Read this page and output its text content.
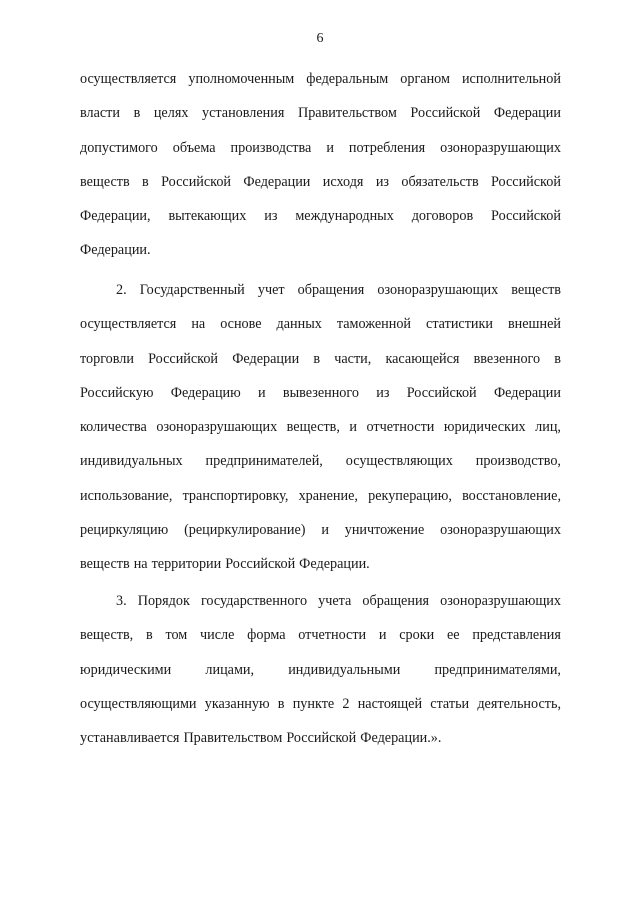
6
осуществляется уполномоченным федеральным органом исполнительной
власти в целях установления Правительством Российской Федерации
допустимого объема производства и потребления озоноразрушающих
веществ в Российской Федерации исходя из обязательств Российской
Федерации, вытекающих из международных договоров Российской
Федерации.
2. Государственный учет обращения озоноразрушающих веществ
осуществляется на основе данных таможенной статистики внешней
торговли Российской Федерации в части, касающейся ввезенного в
Российскую Федерацию и вывезенного из Российской Федерации
количества озоноразрушающих веществ, и отчетности юридических лиц,
индивидуальных предпринимателей, осуществляющих производство,
использование, транспортировку, хранение, рекуперацию, восстановление,
рециркуляцию (рециркулирование) и уничтожение озоноразрушающих
веществ на территории Российской Федерации.
3. Порядок государственного учета обращения озоноразрушающих
веществ, в том числе форма отчетности и сроки ее представления
юридическими лицами, индивидуальными предпринимателями,
осуществляющими указанную в пункте 2 настоящей статьи деятельность,
устанавливается Правительством Российской Федерации.».
